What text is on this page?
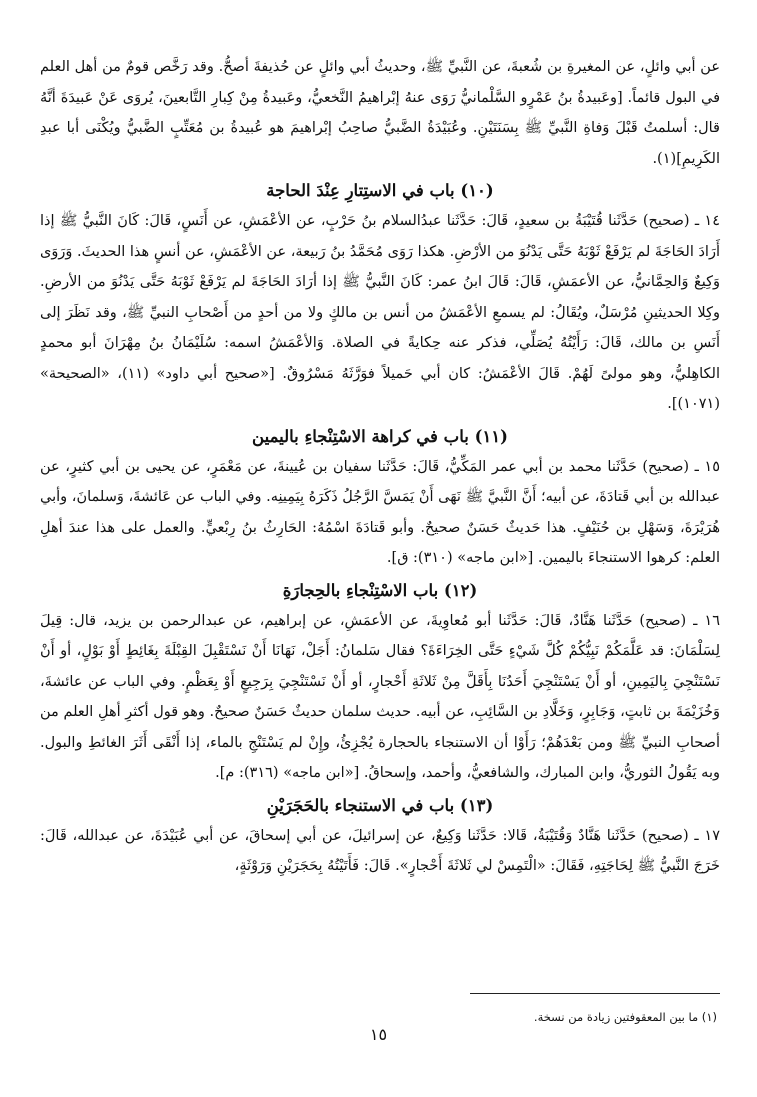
عن أبي وائلٍ، عن المغيرةِ بن شُعبةَ، عن النَّبيِّ ﷺ، وحديثُ أبي وائلٍ عن حُذيفةَ أصحُّ. وقد رَخَّص قومٌ من أهل العلم في البول قائماً. [وعَبيدةُ بنُ عَمْرٍو السَّلْمانيُّ رَوَى عنهُ إبْراهيمُ النَّخعيُّ، وعَبيدةُ مِنْ كِبارِ التَّابعينَ، يُروَى عَنْ عَبيدَةَ أنَّهُ قال: أسلمتُ قَبْلَ وَفاةِ النَّبيِّ ﷺ بِسَنَتَيْنِ. وعُبَيْدَةُ الضَّبيُّ صاحِبُ إبْراهيمَ هو عُبيدةُ بن مُعَتِّبٍ الضَّبيُّ ويُكْنَى أبا عبدِ الكَرِيمِ](١).

(١٠) باب في الاستِتارِ عِنْدَ الحاجة

١٤ ـ (صحيح) حَدَّثَنا قُتَيْبَةُ بن سعيدٍ، قَالَ: حَدَّثَنا عبدُالسلام بنُ حَرْبٍ، عن الأعْمَشِ، عن أَنَسٍ، قَالَ: كَانَ النَّبيُّ ﷺ إذا أَرَادَ الحَاجَةَ لم يَرْفَعْ ثَوْبَهُ حَتَّى يَدْنُوَ من الأرْضِ. هكذا رَوَى مُحَمَّدُ بنُ رَبيعة، عن الأعْمَشِ، عن أنسٍ هذا الحديثَ. وَرَوَى وَكِيعٌ وَالحِمَّانيُّ، عن الأعمَشِ، قَالَ: قَالَ ابنُ عمر: كَانَ النَّبيُّ ﷺ إذا أرَادَ الحَاجَةَ لم يَرْفَعْ ثَوْبَهُ حَتَّى يَدْنُوَ من الأرضِ. وكِلا الحديثينِ مُرْسَلٌ، ويُقَالُ: لم يسمعِ الأعْمَشُ من أنس بن مالكٍ ولا من أحدٍ من أَصْحابِ النبيِّ ﷺ، وقد نَظَرَ إلى أَنَسِ بن مالك، قَالَ: رَأَيْتُهُ يُصَلِّي، فذكر عنه حِكايةً في الصلاة. وَالأعْمَشُ اسمه: سُلَيْمَانُ بنُ مِهْرَانَ أبو محمدٍ الكاهِليُّ، وهو مولىً لَهُمْ. قَالَ الأعْمَشُ: كان أبي حَميلاً فوَرَّثَهُ مَسْرُوقٌ. [«صحيح أبي داود» (١١)، «الصحيحة» (١٠٧١)].

(١١) باب في كراهة الاسْتِنْجاءِ باليمين

١٥ ـ (صحيح) حَدَّثَنا محمد بن أبي عمر المَكِّيُّ، قَالَ: حَدَّثَنا سفيان بن عُيينةَ، عن مَعْمَرٍ، عن يحيى بن أبي كثيرٍ، عن عبدالله بن أبي قَتادَةَ، عن أبيه؛ أَنَّ النَّبيَّ ﷺ نَهَى أَنْ يَمَسَّ الرَّجُلُ ذَكَرَهُ بِيَمِينِه. وفي الباب عن عَائشةَ، وَسلمانَ، وأبي هُرَيْرَةَ، وَسَهْلِ بن حُنَيْفٍ. هذا حَديثٌ حَسَنٌ صحيحٌ. وأبو قَتادَةَ اسْمُهُ: الحَارِثُ بنُ رِبْعيٍّ. والعمل على هذا عندَ أهلِ العلم: كرهوا الاستنجاءَ باليمين. [«ابن ماجه» (٣١٠): ق].

(١٢) باب الاسْتِنْجاءِ بالحِجارَةِ

١٦ ـ (صحيح) حَدَّثَنا هَنَّادٌ، قَالَ: حَدَّثَنا أبو مُعاوِيةَ، عن الأعمَشِ، عن إبراهيم، عن عبدالرحمن بن يزيد، قال: قِيلَ لِسَلْمَانَ: قد عَلَّمَكُمْ نَبِيُّكُمْ كُلَّ شَيْءٍ حَتَّى الخِرَاءَةَ؟ فقال سَلمانُ: أَجَلْ، نَهَانَا أَنْ نَسْتَقْبِلَ القِبْلَةَ بِغَائِطٍ أَوْ بَوْلٍ، أو أَنْ نَسْتَنْجِيَ بِاليَمِينِ، أو أَنْ يَسْتَنْجِيَ أَحَدُنَا بِأَقَلَّ مِنْ ثَلاثَةِ أَحْجارٍ، أو أَنْ نَسْتَنْجِيَ بِرَجِيعٍ أَوْ بِعَظْمٍ. وفي الباب عن عائشةَ، وَخُزَيْمَةَ بن ثابتٍ، وَجَابِرٍ، وَخَلَّادِ بن السَّائِبِ، عن أبيه. حديث سلمان حديثٌ حَسَنٌ صحيحٌ. وهو قول أكثرِ أهلِ العلم من أصحابِ النبيِّ ﷺ ومن بَعْدَهُمْ؛ رَأَوْا أن الاستنجاء بالحجارة يُجْزِئُ، وإِنْ لم يَسْتَنْجِ بالماء، إذا أَنْقَى أَثَرَ الغائطِ والبول. وبه يَقُولُ الثوريُّ، وابن المبارك، والشافعيُّ، وأحمد، وإسحاقُ. [«ابن ماجه» (٣١٦): م].

(١٣) باب في الاستنجاء بالحَجَرَيْنِ

١٧ ـ (صحيح) حَدَّثَنا هَنَّادٌ وَقُتَيْبَةُ، قَالا: حَدَّثَنا وَكِيعٌ، عن إسرائيلَ، عن أبي إسحاقَ، عن أبي عُبَيْدَةَ، عن عبدالله، قَالَ: خَرَجَ النَّبيُّ ﷺ لِحَاجَتِهِ، فَقَالَ: «الْتَمِسْ لي ثَلاثَةَ أَحْجارٍ». قَالَ: فَأَتَيْتُهُ بِحَجَرَيْنِ وَرَوْثَةٍ،

(١) ما بين المعقوفتين زيادة من نسخة.
١٥
